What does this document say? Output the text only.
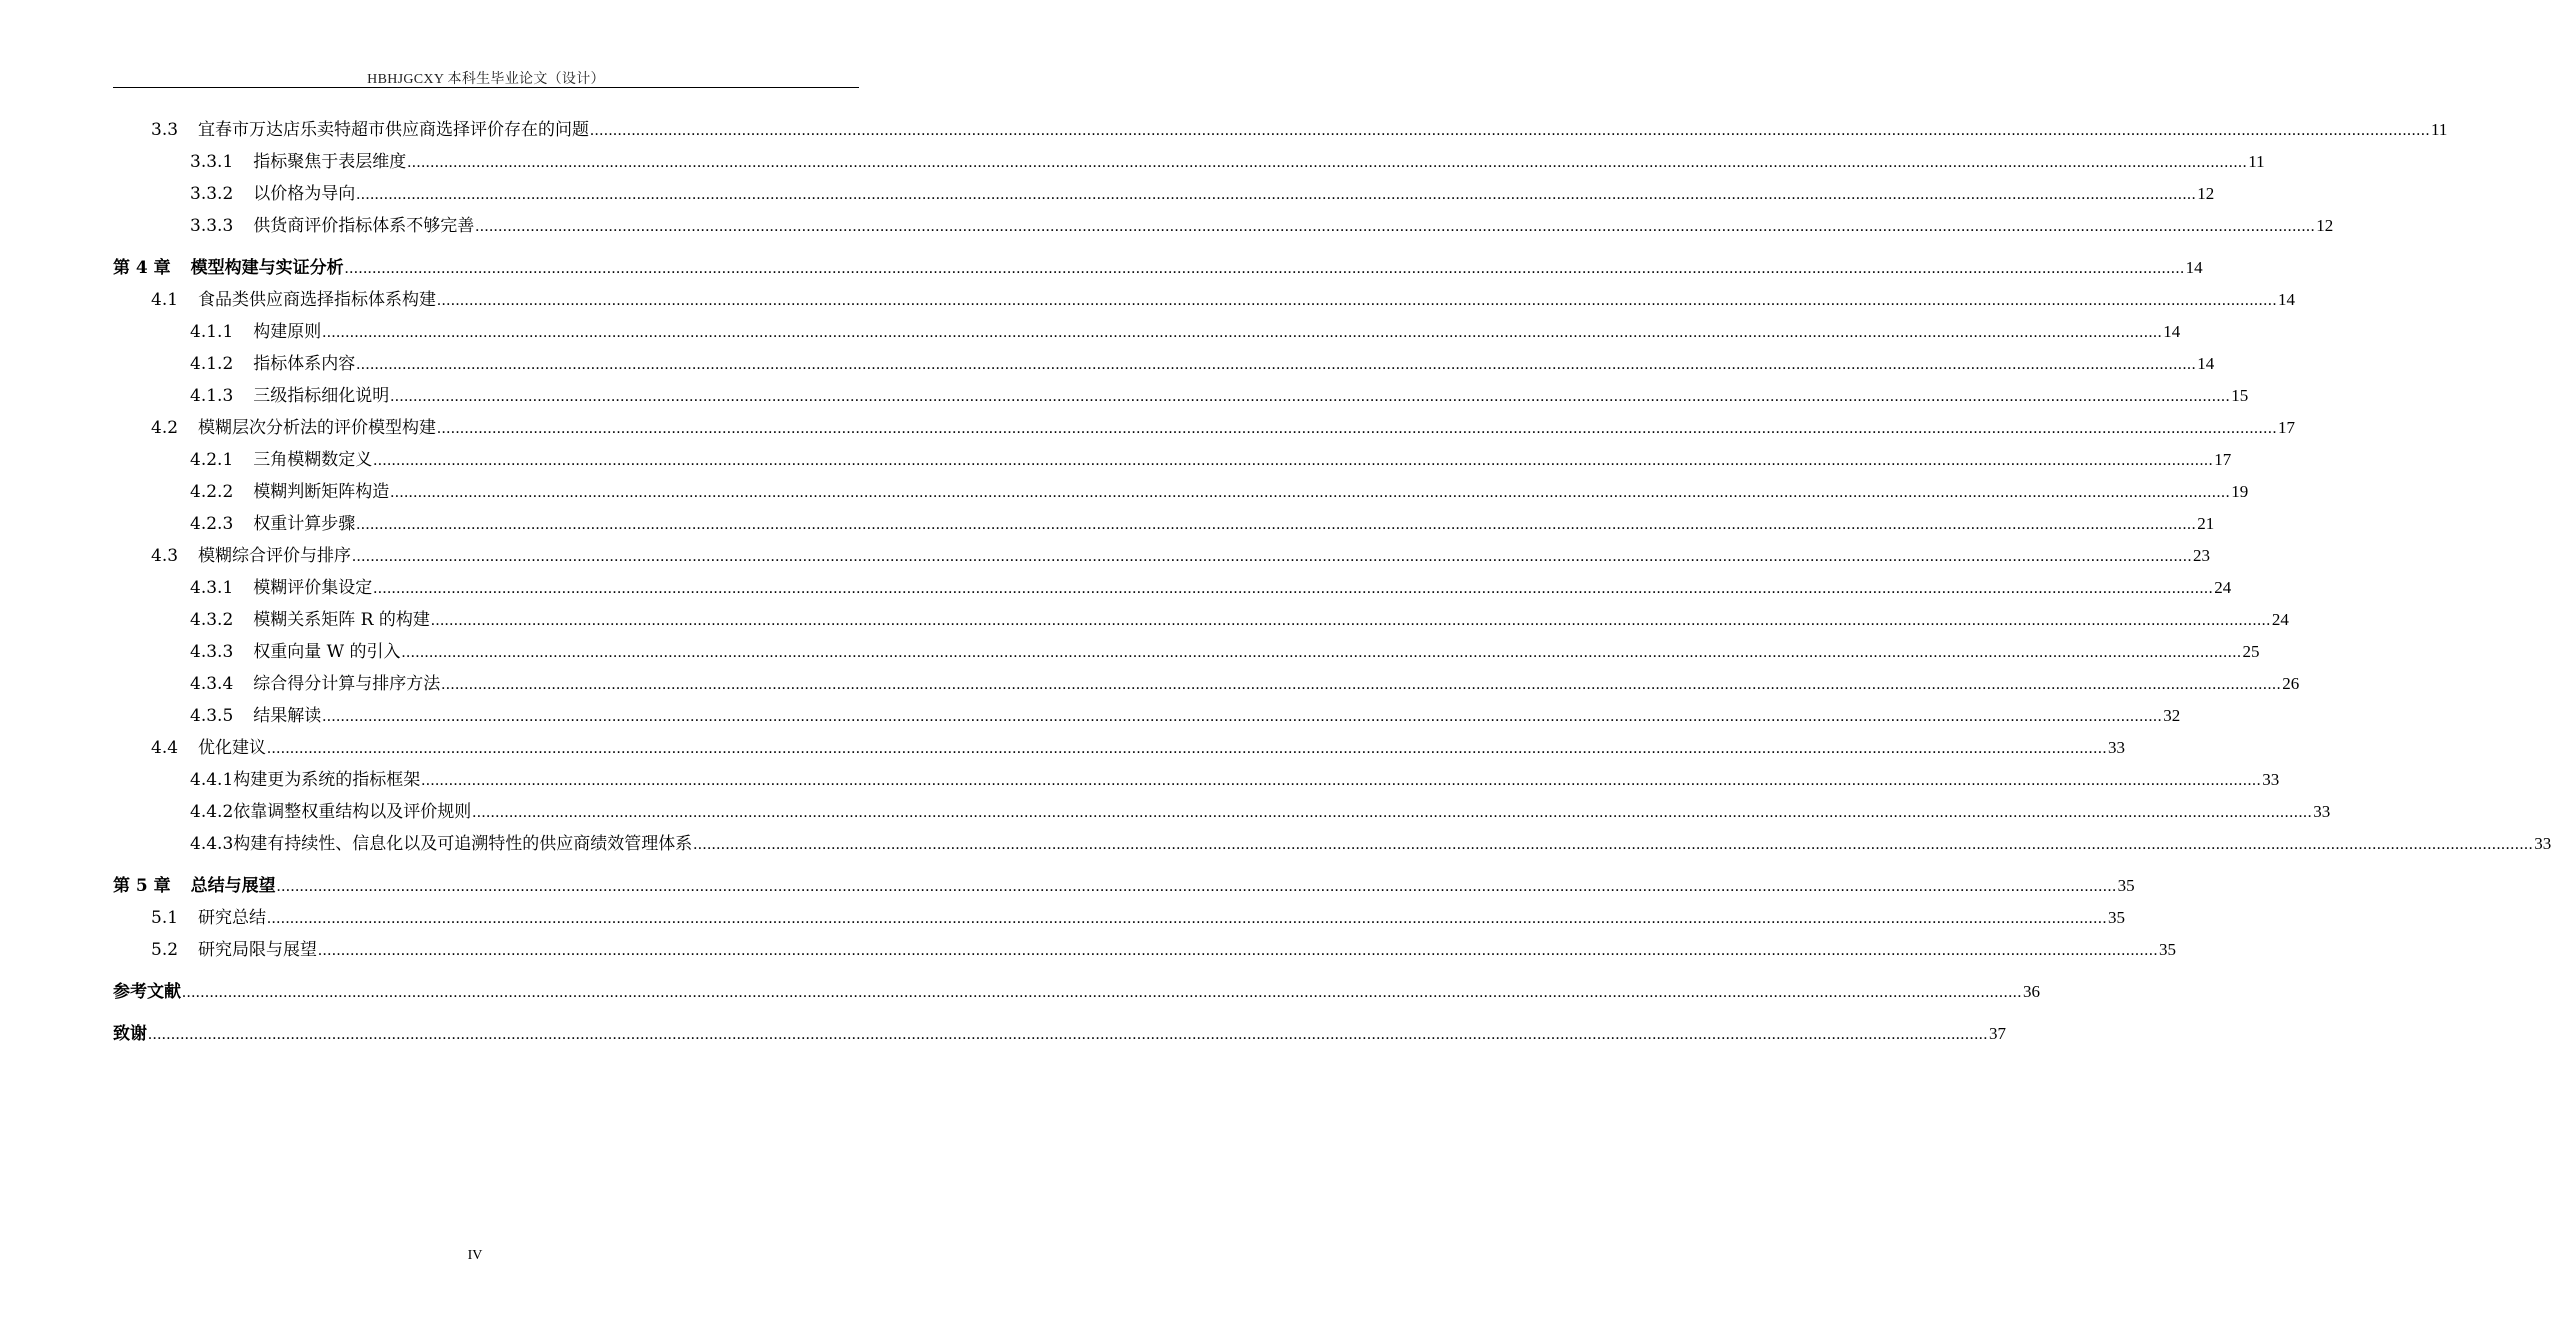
HBHJGCXY 本科生毕业论文（设计）
3.3 宜春市万达店乐卖特超市供应商选择评价存在的问题 ................................................................................................................................................................................................................................................................................................................................................................................................................ 11
3.3.1 指标聚焦于表层维度 ................................................................................................................................................................................................................................................................................................................................................................................................................ 11
3.3.2 以价格为导向 ................................................................................................................................................................................................................................................................................................................................................................................................................ 12
3.3.3 供货商评价指标体系不够完善 ................................................................................................................................................................................................................................................................................................................................................................................................................ 12
第 4 章 模型构建与实证分析 ................................................................................................................................................................................................................................................................................................................................................................................................................ 14
4.1 食品类供应商选择指标体系构建 ................................................................................................................................................................................................................................................................................................................................................................................................................ 14
4.1.1 构建原则 ................................................................................................................................................................................................................................................................................................................................................................................................................ 14
4.1.2 指标体系内容 ................................................................................................................................................................................................................................................................................................................................................................................................................ 14
4.1.3 三级指标细化说明 ................................................................................................................................................................................................................................................................................................................................................................................................................ 15
4.2 模糊层次分析法的评价模型构建 ................................................................................................................................................................................................................................................................................................................................................................................................................ 17
4.2.1 三角模糊数定义 ................................................................................................................................................................................................................................................................................................................................................................................................................ 17
4.2.2 模糊判断矩阵构造 ................................................................................................................................................................................................................................................................................................................................................................................................................ 19
4.2.3 权重计算步骤 ................................................................................................................................................................................................................................................................................................................................................................................................................ 21
4.3 模糊综合评价与排序 ................................................................................................................................................................................................................................................................................................................................................................................................................ 23
4.3.1 模糊评价集设定 ................................................................................................................................................................................................................................................................................................................................................................................................................ 24
4.3.2 模糊关系矩阵 R 的构建 ................................................................................................................................................................................................................................................................................................................................................................................................................ 24
4.3.3 权重向量 W 的引入 ................................................................................................................................................................................................................................................................................................................................................................................................................ 25
4.3.4 综合得分计算与排序方法 ................................................................................................................................................................................................................................................................................................................................................................................................................ 26
4.3.5 结果解读 ................................................................................................................................................................................................................................................................................................................................................................................................................ 32
4.4 优化建议 ................................................................................................................................................................................................................................................................................................................................................................................................................ 33
4.4.1 构建更为系统的指标框架 ................................................................................................................................................................................................................................................................................................................................................................................................................ 33
4.4.2 依靠调整权重结构以及评价规则 ................................................................................................................................................................................................................................................................................................................................................................................................................ 33
4.4.3 构建有持续性、信息化以及可追溯特性的供应商绩效管理体系 ................................................................................................................................................................................................................................................................................................................................................................................................................ 33
第 5 章 总结与展望 ................................................................................................................................................................................................................................................................................................................................................................................................................ 35
5.1 研究总结 ................................................................................................................................................................................................................................................................................................................................................................................................................ 35
5.2 研究局限与展望 ................................................................................................................................................................................................................................................................................................................................................................................................................ 35
参考文献 ................................................................................................................................................................................................................................................................................................................................................................................................................ 36
致谢 ................................................................................................................................................................................................................................................................................................................................................................................................................ 37
IV
